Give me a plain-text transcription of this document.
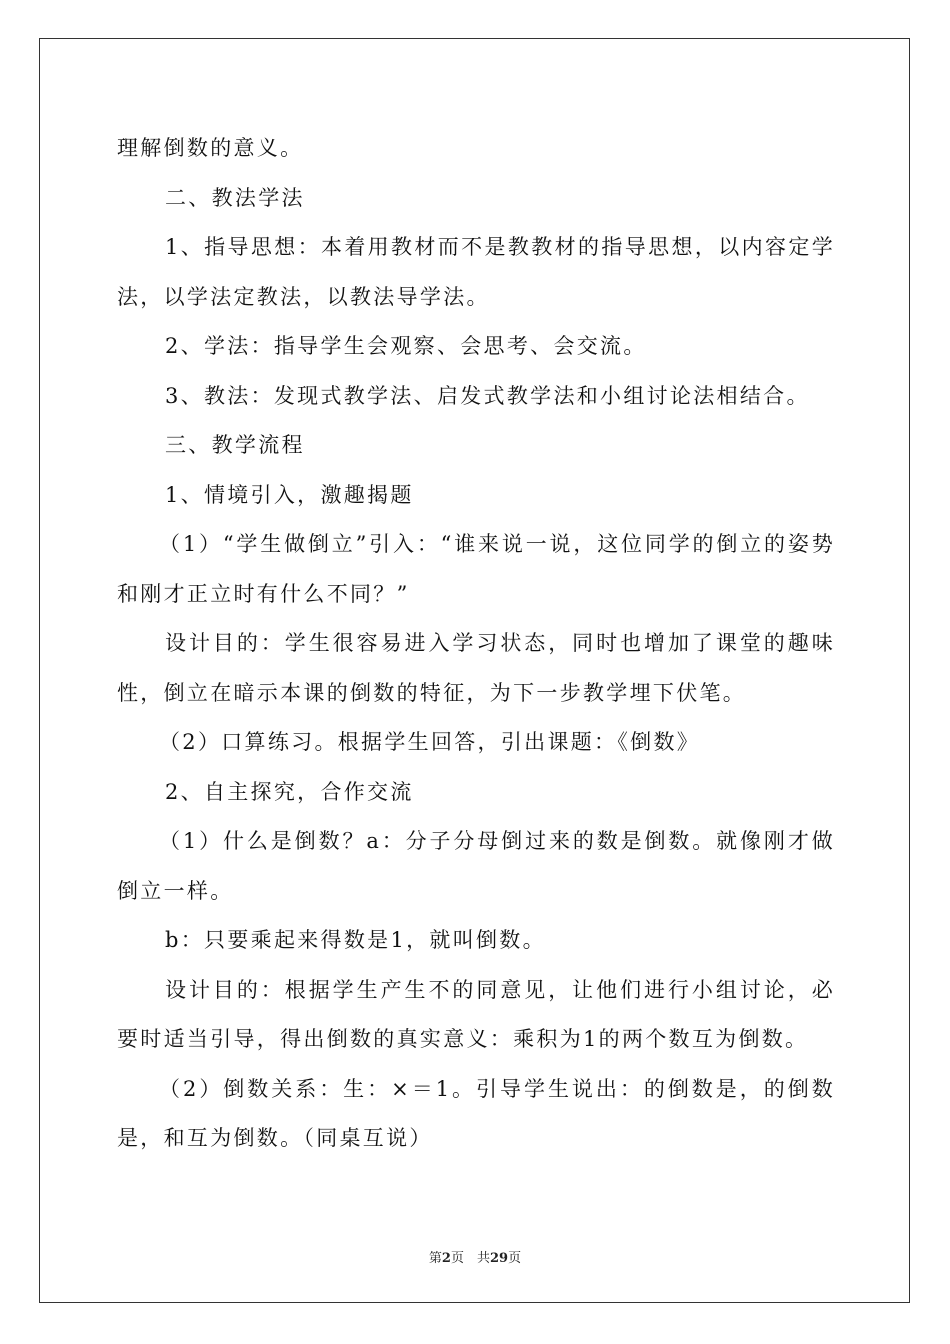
理解倒数的意义。

二、教法学法

1、指导思想：本着用教材而不是教教材的指导思想，以内容定学法，以学法定教法，以教法导学法。

2、学法：指导学生会观察、会思考、会交流。

3、教法：发现式教学法、启发式教学法和小组讨论法相结合。

三、教学流程

1、情境引入，激趣揭题

（1）“学生做倒立”引入：“谁来说一说，这位同学的倒立的姿势和刚才正立时有什么不同？”

设计目的：学生很容易进入学习状态，同时也增加了课堂的趣味性，倒立在暗示本课的倒数的特征，为下一步教学埋下伏笔。

（2）口算练习。根据学生回答，引出课题：《倒数》

2、自主探究，合作交流

（1）什么是倒数？a：分子分母倒过来的数是倒数。就像刚才做倒立一样。

b：只要乘起来得数是1，就叫倒数。

设计目的：根据学生产生不的同意见，让他们进行小组讨论，必要时适当引导，得出倒数的真实意义：乘积为1的两个数互为倒数。

（2）倒数关系：生：×＝1。引导学生说出：的倒数是，的倒数是，和互为倒数。（同桌互说）

第2页　共29页
